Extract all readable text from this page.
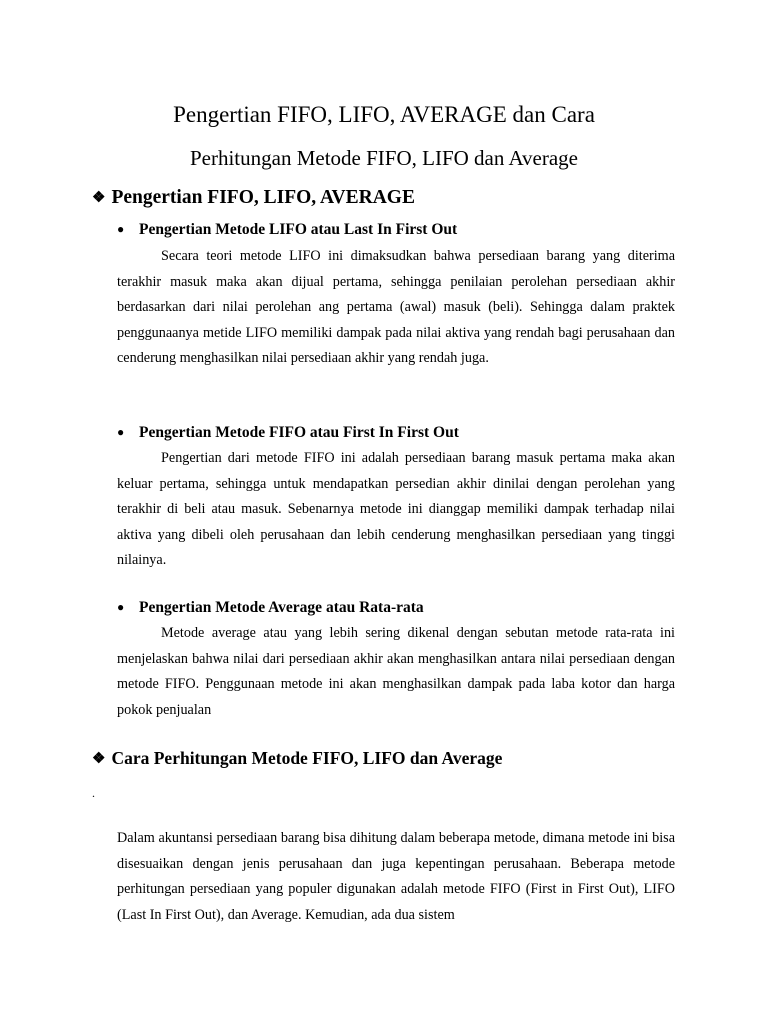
Pengertian FIFO, LIFO, AVERAGE dan Cara
Perhitungan Metode FIFO, LIFO dan Average
❖ Pengertian FIFO, LIFO, AVERAGE
● Pengertian Metode LIFO atau Last In First Out
Secara teori metode LIFO ini dimaksudkan bahwa persediaan barang yang diterima terakhir masuk maka akan dijual pertama, sehingga penilaian perolehan persediaan akhir berdasarkan dari nilai perolehan ang pertama (awal) masuk (beli). Sehingga dalam praktek penggunaanya metide LIFO memiliki dampak pada nilai aktiva yang rendah bagi perusahaan dan cenderung menghasilkan nilai persediaan akhir yang rendah juga.
● Pengertian Metode FIFO atau First In First Out
Pengertian dari metode FIFO ini adalah persediaan barang masuk pertama maka akan keluar pertama, sehingga untuk mendapatkan persedian akhir dinilai dengan perolehan yang terakhir di beli atau masuk. Sebenarnya metode ini dianggap memiliki dampak terhadap nilai aktiva yang dibeli oleh perusahaan dan lebih cenderung menghasilkan persediaan yang tinggi nilainya.
● Pengertian Metode Average atau Rata-rata
Metode average atau yang lebih sering dikenal dengan sebutan metode rata-rata ini menjelaskan bahwa nilai dari persediaan akhir akan menghasilkan antara nilai persediaan dengan metode FIFO. Penggunaan metode ini akan menghasilkan dampak pada laba kotor dan harga pokok penjualan
❖ Cara Perhitungan Metode FIFO, LIFO dan Average
.
Dalam akuntansi persediaan barang bisa dihitung dalam beberapa metode, dimana metode ini bisa disesuaikan dengan jenis perusahaan dan juga kepentingan perusahaan. Beberapa metode perhitungan persediaan yang populer digunakan adalah metode FIFO (First in First Out), LIFO (Last In First Out), dan Average. Kemudian, ada dua sistem
